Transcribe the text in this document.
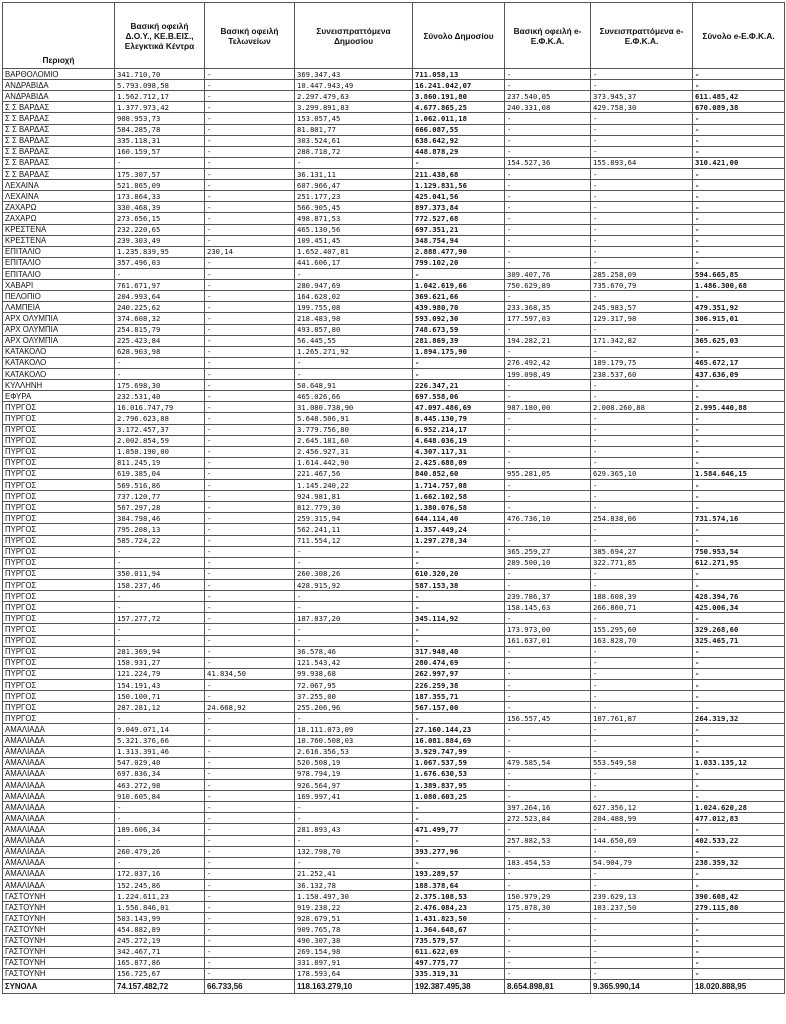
Περιοχή	Βασική οφειλή Δ.Ο.Υ., ΚΕ.Β.ΕΙΣ., Ελεγκτικά Κέντρα	Βασική οφειλή Τελωνείων	Συνεισπραττόμενα Δημοσίου	Σύνολο Δημοσίου	Βασική οφειλή e-Ε.Φ.Κ.Α.	Συνεισπραττόμενα e-Ε.Φ.Κ.Α.	Σύνολο e-Ε.Φ.Κ.Α.
ΒΑΡΘΟΛΟΜΙΟ	341.710,70	-	369.347,43	711.058,13	-	-	-
ΑΝΔΡΑΒΙΔΑ	5.793.098,58	-	10.447.943,49	16.241.042,07	-	-	-
ΑΝΔΡΑΒΙΔΑ	1.562.712,17	-	2.297.479,63	3.860.191,80	237.540,05	373.945,37	611.485,42
Σ Σ ΒΑΡΔΑΣ	1.377.973,42	-	3.299.891,83	4.677.865,25	240.331,08	429.758,30	670.089,38
Σ Σ ΒΑΡΔΑΣ	908.953,73	-	153.057,45	1.062.011,18	-	-	-
Σ Σ ΒΑΡΔΑΣ	584.285,78	-	81.801,77	666.087,55	-	-	-
Σ Σ ΒΑΡΔΑΣ	335.118,31	-	303.524,61	638.642,92	-	-	-
Σ Σ ΒΑΡΔΑΣ	160.159,57	-	288.718,72	448.878,29	-	-	-
Σ Σ ΒΑΡΔΑΣ	-	-	-	-	154.527,36	155.893,64	310.421,00
Σ Σ ΒΑΡΔΑΣ	175.307,57	-	36.131,11	211.438,68	-	-	-
ΛΕΧΑΙΝΑ	521.865,09	-	607.966,47	1.129.831,56	-	-	-
ΛΕΧΑΙΝΑ	173.864,33	-	251.177,23	425.041,56	-	-	-
ΖΑΧΑΡΩ	330.468,39	-	566.905,45	897.373,84	-	-	-
ΖΑΧΑΡΩ	273.656,15	-	498.871,53	772.527,68	-	-	-
ΚΡΕΣΤΕΝΑ	232.220,65	-	465.130,56	697.351,21	-	-	-
ΚΡΕΣΤΕΝΑ	239.303,49	-	109.451,45	348.754,94	-	-	-
ΕΠΙΤΑΛΙΟ	1.235.839,95	230,14	1.652.407,81	2.888.477,90	-	-	-
ΕΠΙΤΑΛΙΟ	357.496,03	-	441.606,17	799.102,20	-	-	-
ΕΠΙΤΑΛΙΟ	-	-	-	-	309.407,76	285.258,09	594.665,85
ΧΑΒΑΡΙ	761.671,97	-	280.947,69	1.042.619,66	750.629,89	735.670,79	1.486.300,68
ΠΕΛΟΠΙΟ	204.993,64	-	164.628,02	369.621,66	-	-	-
ΛΑΜΠΕΙΑ	240.225,62	-	199.755,08	439.980,70	233.368,35	245.983,57	479.351,92
ΑΡΧ ΟΛΥΜΠΙΑ	374.608,32	-	218.483,98	593.092,30	177.597,03	129.317,98	306.915,01
ΑΡΧ ΟΛΥΜΠΙΑ	254.815,79	-	493.857,80	748.673,59	-	-	-
ΑΡΧ ΟΛΥΜΠΙΑ	225.423,84	-	56.445,55	281.869,39	194.282,21	171.342,82	365.625,03
ΚΑΤΑΚΟΛΟ	628.903,98	-	1.265.271,92	1.894.175,90	-	-	-
ΚΑΤΑΚΟΛΟ	-	-	-	-	276.492,42	189.179,75	465.672,17
ΚΑΤΑΚΟΛΟ	-	-	-	-	199.098,49	238.537,60	437.636,09
ΚΥΛΛΗΝΗ	175.698,30	-	50.648,91	226.347,21	-	-	-
ΕΦΥΡΑ	232.531,40	-	465.026,66	697.558,06	-	-	-
ΠΥΡΓΟΣ	16.016.747,79	-	31.080.738,90	47.097.486,69	987.180,00	2.008.260,88	2.995.440,88
ΠΥΡΓΟΣ	2.796.623,88	-	5.648.506,91	8.445.130,79	-	-	-
ΠΥΡΓΟΣ	3.172.457,37	-	3.779.756,80	6.952.214,17	-	-	-
ΠΥΡΓΟΣ	2.002.854,59	-	2.645.181,60	4.648.036,19	-	-	-
ΠΥΡΓΟΣ	1.850.190,00	-	2.456.927,31	4.307.117,31	-	-	-
ΠΥΡΓΟΣ	811.245,19	-	1.614.442,90	2.425.688,09	-	-	-
ΠΥΡΓΟΣ	619.385,04	-	221.467,56	840.852,60	955.281,05	629.365,10	1.584.646,15
ΠΥΡΓΟΣ	569.516,86	-	1.145.240,22	1.714.757,08	-	-	-
ΠΥΡΓΟΣ	737.120,77	-	924.981,81	1.662.102,58	-	-	-
ΠΥΡΓΟΣ	567.297,28	-	812.779,30	1.380.076,58	-	-	-
ΠΥΡΓΟΣ	384.798,46	-	259.315,94	644.114,40	476.736,10	254.838,06	731.574,16
ΠΥΡΓΟΣ	795.208,13	-	562.241,11	1.357.449,24	-	-	-
ΠΥΡΓΟΣ	585.724,22	-	711.554,12	1.297.278,34	-	-	-
ΠΥΡΓΟΣ	-	-	-	-	365.259,27	385.694,27	750.953,54
ΠΥΡΓΟΣ	-	-	-	-	289.500,10	322.771,85	612.271,95
ΠΥΡΓΟΣ	350.011,94	-	260.308,26	610.320,20	-	-	-
ΠΥΡΓΟΣ	158.237,46	-	428.915,92	587.153,38	-	-	-
ΠΥΡΓΟΣ	-	-	-	-	239.786,37	188.608,39	428.394,76
ΠΥΡΓΟΣ	-	-	-	-	158.145,63	266.860,71	425.006,34
ΠΥΡΓΟΣ	157.277,72	-	187.837,20	345.114,92	-	-	-
ΠΥΡΓΟΣ	-	-	-	-	173.973,00	155.295,60	329.268,60
ΠΥΡΓΟΣ	-	-	-	-	161.637,01	163.828,70	325.465,71
ΠΥΡΓΟΣ	281.369,94	-	36.578,46	317.948,40	-	-	-
ΠΥΡΓΟΣ	158.931,27	-	121.543,42	280.474,69	-	-	-
ΠΥΡΓΟΣ	121.224,79	41.834,50	99.938,68	262.997,97	-	-	-
ΠΥΡΓΟΣ	154.191,43	-	72.067,95	226.259,38	-	-	-
ΠΥΡΓΟΣ	150.100,71	-	37.255,00	187.355,71	-	-	-
ΠΥΡΓΟΣ	287.281,12	24.668,92	255.206,96	567.157,00	-	-	-
ΠΥΡΓΟΣ	-	-	-	-	156.557,45	107.761,87	264.319,32
ΑΜΑΛΙΑΔΑ	9.049.071,14	-	18.111.073,09	27.160.144,23	-	-	-
ΑΜΑΛΙΑΔΑ	5.321.376,66	-	10.760.508,03	16.081.884,69	-	-	-
ΑΜΑΛΙΑΔΑ	1.313.391,46	-	2.616.356,53	3.929.747,99	-	-	-
ΑΜΑΛΙΑΔΑ	547.029,40	-	520.508,19	1.067.537,59	479.585,54	553.549,58	1.033.135,12
ΑΜΑΛΙΑΔΑ	697.836,34	-	978.794,19	1.676.630,53	-	-	-
ΑΜΑΛΙΑΔΑ	463.272,98	-	926.564,97	1.389.837,95	-	-	-
ΑΜΑΛΙΑΔΑ	910.605,84	-	169.997,41	1.080.603,25	-	-	-
ΑΜΑΛΙΑΔΑ	-	-	-	-	397.264,16	627.356,12	1.024.620,28
ΑΜΑΛΙΑΔΑ	-	-	-	-	272.523,84	204.488,99	477.012,83
ΑΜΑΛΙΑΔΑ	189.606,34	-	281.893,43	471.499,77	-	-	-
ΑΜΑΛΙΑΔΑ	-	-	-	-	257.882,53	144.650,69	402.533,22
ΑΜΑΛΙΑΔΑ	260.479,26	-	132.798,70	393.277,96	-	-	-
ΑΜΑΛΙΑΔΑ	-	-	-	-	183.454,53	54.904,79	238.359,32
ΑΜΑΛΙΑΔΑ	172.037,16	-	21.252,41	193.289,57	-	-	-
ΑΜΑΛΙΑΔΑ	152.245,86	-	36.132,78	188.378,64	-	-	-
ΓΑΣΤΟΥΝΗ	1.224.611,23	-	1.150.497,30	2.375.108,53	150.979,29	239.629,13	390.608,42
ΓΑΣΤΟΥΝΗ	1.556.846,01	-	919.238,22	2.476.084,23	175.878,30	103.237,50	279.115,80
ΓΑΣΤΟΥΝΗ	503.143,99	-	928.679,51	1.431.823,50	-	-	-
ΓΑΣΤΟΥΝΗ	454.882,89	-	909.765,78	1.364.648,67	-	-	-
ΓΑΣΤΟΥΝΗ	245.272,19	-	490.307,38	735.579,57	-	-	-
ΓΑΣΤΟΥΝΗ	342.467,71	-	269.154,98	611.622,69	-	-	-
ΓΑΣΤΟΥΝΗ	165.877,86	-	331.897,91	497.775,77	-	-	-
ΓΑΣΤΟΥΝΗ	156.725,67	-	178.593,64	335.319,31	-	-	-
ΣΥΝΟΛΑ	74.157.482,72	66.733,56	118.163.279,10	192.387.495,38	8.654.898,81	9.365.990,14	18.020.888,95
